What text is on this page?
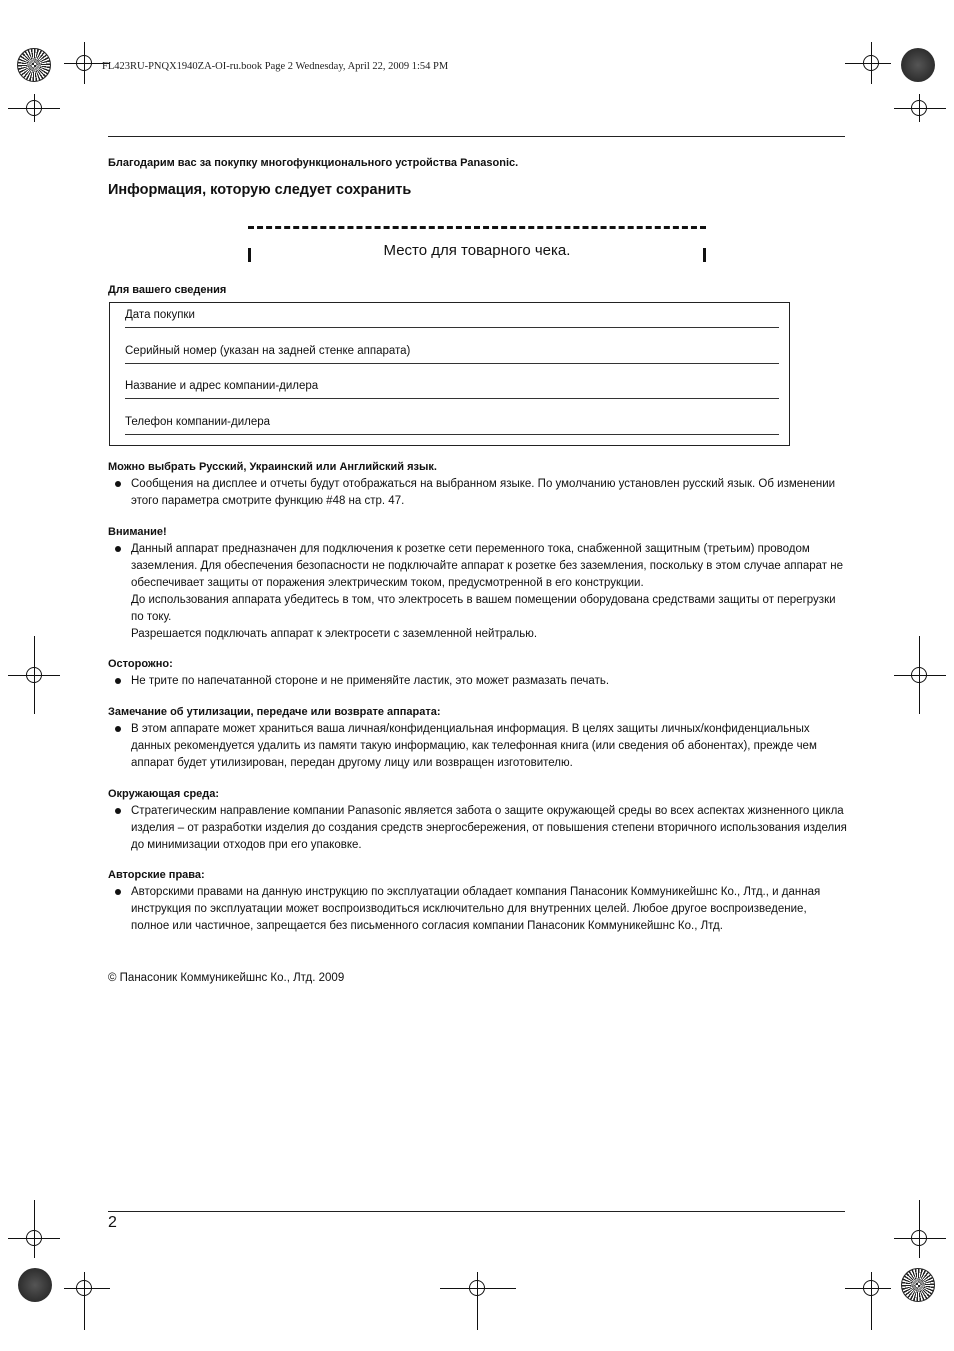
FL423RU-PNQX1940ZA-OI-ru.book Page 2 Wednesday, April 22, 2009 1:54 PM
Благодарим вас за покупку многофункционального устройства Panasonic.
Информация, которую следует сохранить
Место для товарного чека.
Для вашего сведения
Дата покупки
Серийный номер (указан на задней стенке аппарата)
Название и адрес компании-дилера
Телефон компании-дилера
Можно выбрать Русский, Украинский или Английский язык.
Сообщения на дисплее и отчеты будут отображаться на выбранном языке. По умолчанию установлен русский язык. Об изменении этого параметра смотрите функцию #48 на стр. 47.
Внимание!
Данный аппарат предназначен для подключения к розетке сети переменного тока, снабженной защитным (третьим) проводом заземления. Для обеспечения безопасности не подключайте аппарат к розетке без заземления, поскольку в этом случае аппарат не обеспечивает защиты от поражения электрическим током, предусмотренной в его конструкции.
До использования аппарата убедитесь в том, что электросеть в вашем помещении оборудована средствами защиты от перегрузки по току.
Разрешается подключать аппарат к электросети с заземленной нейтралью.
Осторожно:
Не трите по напечатанной стороне и не применяйте ластик, это может размазать печать.
Замечание об утилизации, передаче или возврате аппарата:
В этом аппарате может храниться ваша личная/конфиденциальная информация. В целях защиты личных/конфиденциальных данных рекомендуется удалить из памяти такую информацию, как телефонная книга (или сведения об абонентах), прежде чем аппарат будет утилизирован, передан другому лицу или возвращен изготовителю.
Окружающая среда:
Стратегическим направление компании Panasonic является забота о защите окружающей среды во всех аспектах жизненного цикла изделия – от разработки изделия до создания средств энергосбережения, от повышения степени вторичного использования изделия до минимизации отходов при его упаковке.
Авторские права:
Авторскими правами на данную инструкцию по эксплуатации обладает компания Панасоник Коммуникейшнс Ко., Лтд., и данная инструкция по эксплуатации может воспроизводиться исключительно для внутренних целей. Любое другое воспроизведение, полное или частичное, запрещается без письменного согласия компании Панасоник Коммуникейшнс Ко., Лтд.
© Панасоник Коммуникейшнс Ко., Лтд. 2009
2
